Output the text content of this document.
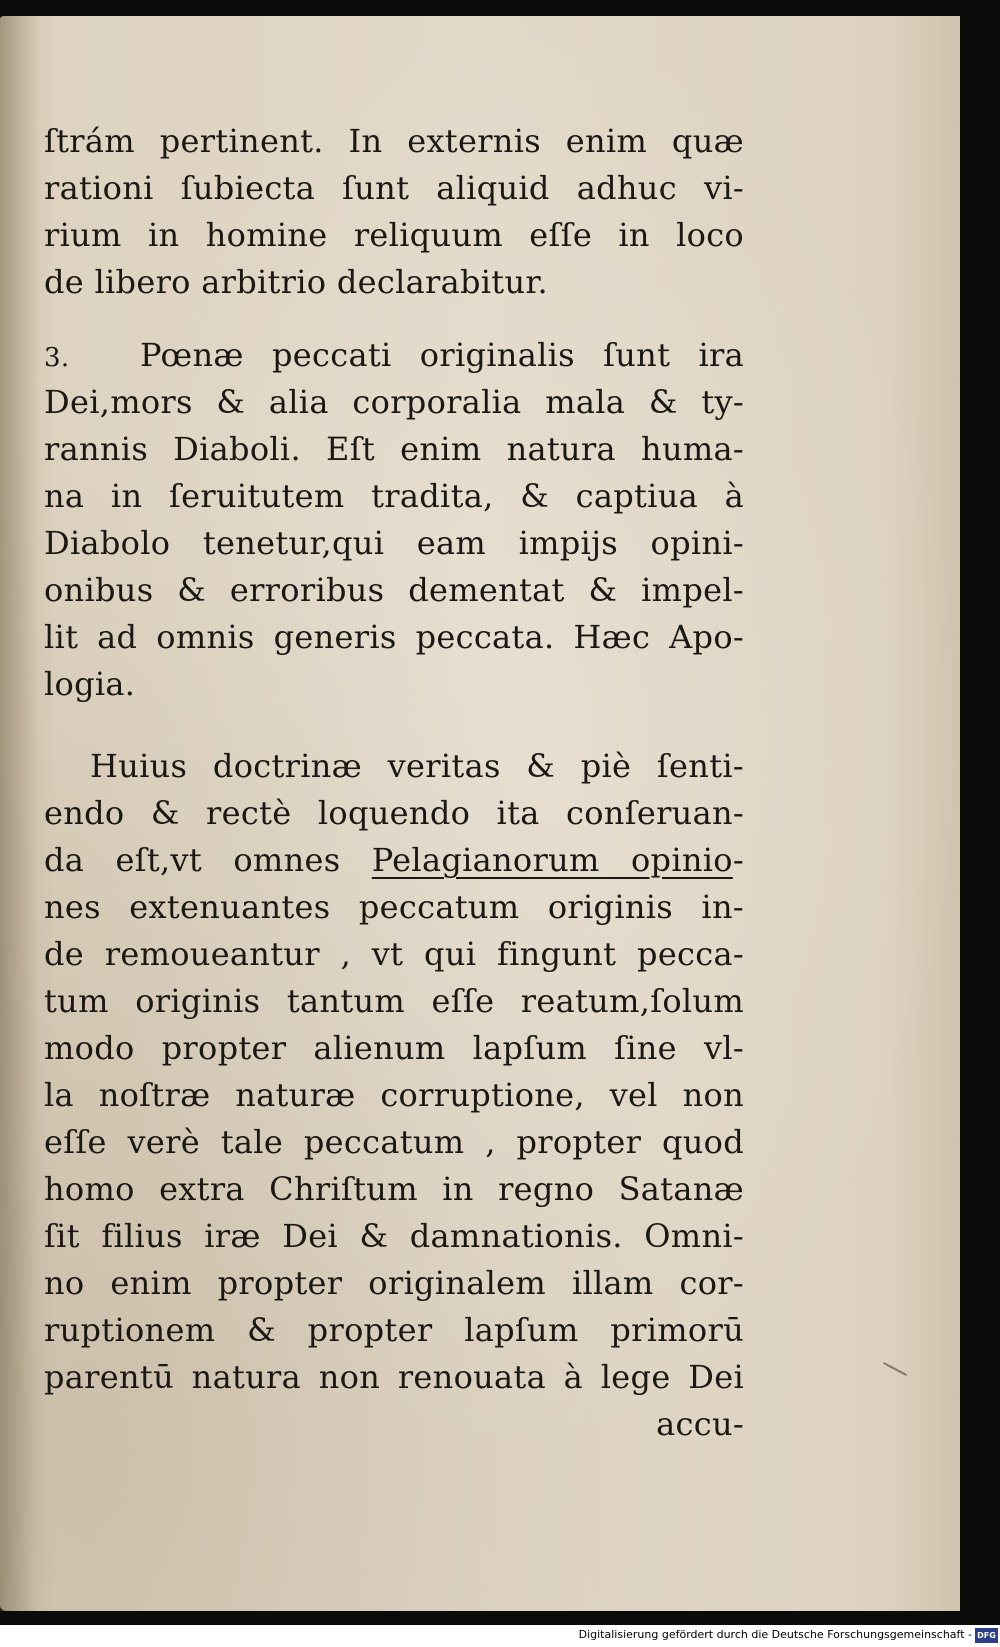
ſtrám pertinent. In externis enim quæ
rationi ſubiecta ſunt aliquid adhuc vi-
rium in homine reliquum eſſe in loco
de libero arbitrio declarabitur.
3. Pœnæ peccati originalis ſunt ira
Dei,mors & alia corporalia mala & ty-
rannis Diaboli. Eſt enim natura huma-
na in ſeruitutem tradita, & captiua à
Diabolo tenetur,qui eam impijs opini-
onibus & erroribus dementat & impel-
lit ad omnis generis peccata. Hæc Apo-
logia.
Huius doctrinæ veritas & piè ſenti-
endo & rectè loquendo ita conſeruan-
da eſt,vt omnes Pelagianorum opinio-
nes extenuantes peccatum originis in-
de remoueantur , vt qui fingunt pecca-
tum originis tantum eſſe reatum,ſolum
modo propter alienum lapſum ſine vl-
la noſtræ naturæ corruptione, vel non
eſſe verè tale peccatum , propter quod
homo extra Chriſtum in regno Satanæ
ſit filius iræ Dei & damnationis. Omni-
no enim propter originalem illam cor-
ruptionem & propter lapſum primorū
parentū natura non renouata à lege Dei
accu-
Digitalisierung gefördert durch die Deutsche Forschungsgemeinschaft - DFG
